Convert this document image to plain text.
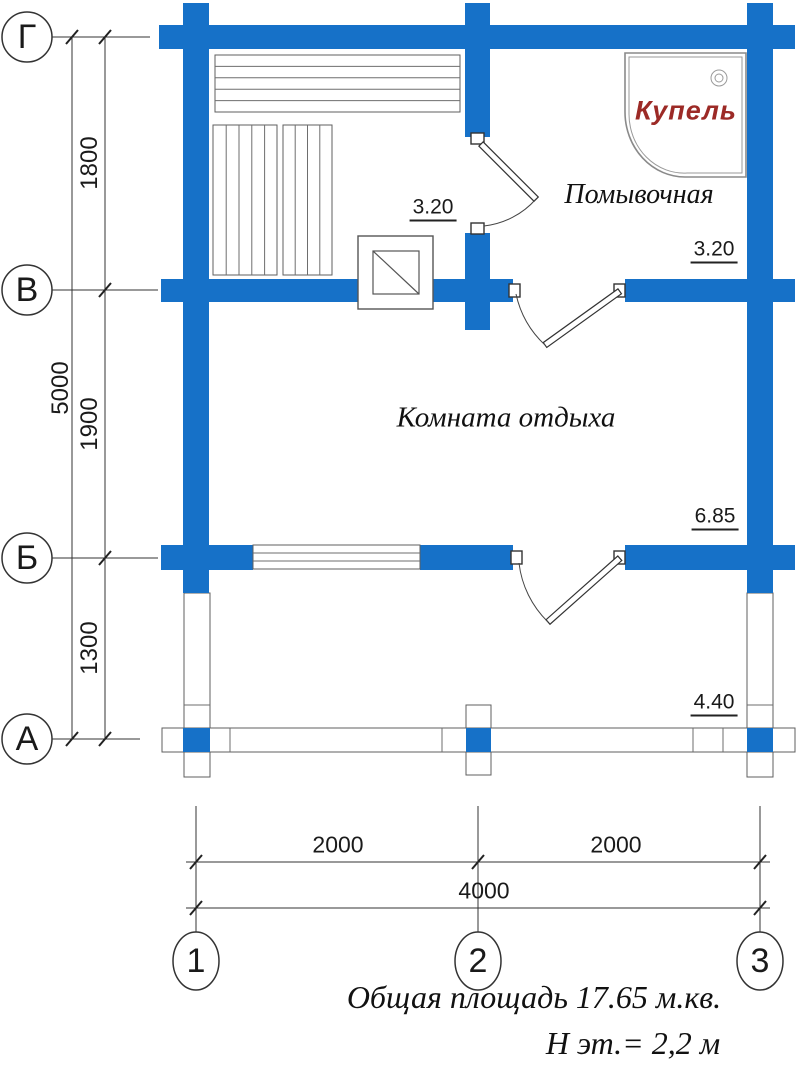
Г
В
Б
А
1	2	3
1800
5000
1900
1300
2000	2000
4000
3.20
3.20
6.85
4.40
Помывочная
Комната отдыха
Купель
Общая площадь 17.65 м.кв.
Н эт.= 2,2 м
